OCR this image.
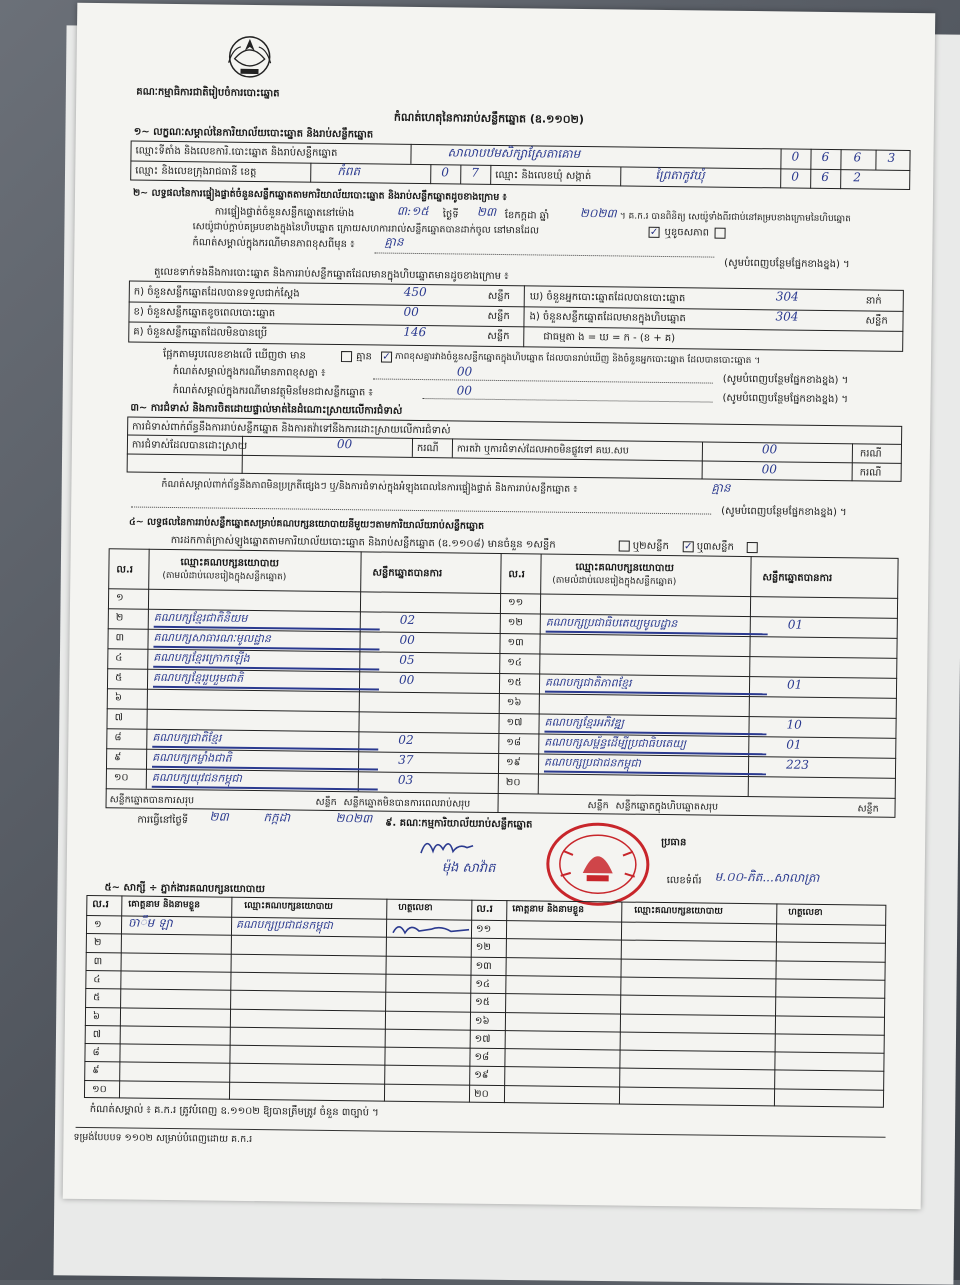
គណៈកម្មាធិការជាតិរៀបចំការបោះឆ្នោត
កំណត់ហេតុនៃការរាប់សន្លឹកឆ្នោត (ឧ.១១០២)
១~ លក្ខណៈសម្គាល់នៃការិយាល័យបោះឆ្នោត និងរាប់សន្លឹកឆ្នោត
ឈ្មោះទីតាំង និងលេខការិ.បោះឆ្នោត និងរាប់សន្លឹកឆ្នោត	សាលាបឋមសិក្សាស្រែតាគោម	0 6 6 3
ឈ្មោះ និងលេខក្រុងរាជធានី ខេត្ត	កំពត	0 7 ឈ្មោះ និងលេខឃុំ សង្កាត់	ព្រៃតាកូវឃុំ	0 6 2
២~ លទ្ធផលនៃការផ្ទៀងផ្ទាត់ចំនួនសន្លឹកឆ្នោតតាមការិយាល័យបោះឆ្នោត និងរាប់សន្លឹកឆ្នោតដូចខាងក្រោម ៖
ការផ្ទៀងផ្ទាត់ចំនួនសន្លឹកឆ្នោតនៅម៉ោង	៣:១៥ ថ្ងៃទី ២៣ ខែកក្កដា ឆ្នាំ	២០២៣ ។ គ.ក.រ បានពិនិត្យ សេយ៉ូទាំងពីរជាប់នៅគម្របខាងក្រោមនៃហិបឆ្នោត
សេយ៉ូជាប់ក្ដាប់គម្របខាងក្នុងនៃហិបឆ្នោត ក្រោយសហការរាល់សន្លឹកឆ្នោតបានដាក់ចូល នៅមានដែល	✓ ឬខូចសភាព
កំណត់សម្គាល់ក្នុងករណីមានភាពខុសពីមុន ៖ គ្មាន
(សូមបំពេញបន្ថែមផ្នែកខាងខ្នង) ។
តួលេខទាក់ទងនឹងការបោះឆ្នោត និងការរាប់សន្លឹកឆ្នោតដែលមានក្នុងហិបឆ្នោតមានដូចខាងក្រោម ៖
ក) ចំនួនសន្លឹកឆ្នោតដែលបានទទួលជាក់ស្ដែង	450	សន្លឹក
ខ) ចំនួនសន្លឹកឆ្នោតខូចពេលបោះឆ្នោត	00	សន្លឹក
គ) ចំនួនសន្លឹកឆ្នោតដែលមិនបានប្រើ	146	សន្លឹក
ឃ) ចំនួនអ្នកបោះឆ្នោតដែលបានបោះឆ្នោត	304	នាក់
ង) ចំនួនសន្លឹកឆ្នោតដែលមានក្នុងហិបឆ្នោត	304	សន្លឹក
ជាធម្មតា ង = ឃ = ក - (ខ + គ)
ផ្អែកតាមរូបលេខខាងលើ ឃើញថា មាន	គ្មាន ✓ ភាពខុសគ្នារវាងចំនួនសន្លឹកឆ្នោតក្នុងហិបឆ្នោត ដែលបានរាប់ឃើញ និងចំនួនអ្នកបោះឆ្នោត ដែលបានបោះឆ្នោត ។
កំណត់សម្គាល់ក្នុងករណីមានភាពខុសគ្នា ៖	00
(សូមបំពេញបន្ថែមផ្នែកខាងខ្នង) ។
កំណត់សម្គាល់ក្នុងករណីមានវត្ថុមិនមែនជាសន្លឹកឆ្នោត ៖	00
(សូមបំពេញបន្ថែមផ្នែកខាងខ្នង) ។
៣~ ការជំទាស់ និងការចិតដោយផ្ទាល់មាត់នៃដំណោះស្រាយលើការជំទាស់
ការជំទាស់ពាក់ព័ន្ធនឹងការរាប់សន្លឹកឆ្នោត និងការតវ៉ាទៅនឹងការដោះស្រាយលើការជំទាស់
ការជំទាស់ដែលបានដោះស្រាយ	00	ករណី ការតវ៉ា ឬការជំទាស់ដែលអាចមិនផ្លូវទៅ គឃ.សប	00	ករណី
00	ករណី
កំណត់សម្គាល់ពាក់ព័ន្ធនឹងភាពមិនប្រក្រតីផ្សេងៗ ឬ/និងការជំទាស់ក្នុងអំឡុងពេលនៃការផ្ទៀងផ្ទាត់ និងការរាប់សន្លឹកឆ្នោត ៖	គ្មាន
(សូមបំពេញបន្ថែមផ្នែកខាងខ្នង) ។
៤~ លទ្ធផលនៃការរាប់សន្លឹកឆ្នោតសម្រាប់គណបក្សនយោបាយនីមួយៗតាមការិយាល័យរាប់សន្លឹកឆ្នោត
ការដកកាត់ក្រាស់ឡូងឆ្នោតតាមការិយាល័យបោះឆ្នោត និងរាប់សន្លឹកឆ្នោត (ឧ.១១០៨) មានចំនួន ១សន្លឹក	ឬ២សន្លឹក ✓ ឬ៣សន្លឹក
ល.រ
ឈ្មោះគណបក្សនយោបាយ
(តាមលំដាប់លេខរៀងក្នុងសន្លឹកឆ្នោត)	សន្លឹកឆ្នោតបានការ	ល.រ
ឈ្មោះគណបក្សនយោបាយ
(តាមលំដាប់លេខរៀងក្នុងសន្លឹកឆ្នោត)	សន្លឹកឆ្នោតបានការ
សន្លឹកឆ្នោតបានការសរុប	សន្លឹក សន្លឹកឆ្នោតមិនបានការពេលរាប់សរុប	សន្លឹក សន្លឹកឆ្នោតក្នុងហិបឆ្នោតសរុប	សន្លឹក
ការធ្វើនៅថ្ងៃទី ២៣	កក្កដា	២០២៣ ៩. គណៈកម្មការិយាល័យរាប់សន្លឹកឆ្នោត
ប្រធាន
ម៉ុង សាវ៉ាត
លេខទំព័រ ម.០០-ភិត...សាលាត្រា
៥~ សាក្សី ÷ ភ្នាក់ងារគណបក្សនយោបាយ
ល.រ គោត្តនាម និងនាមខ្លួន	ឈ្មោះគណបក្សនយោបាយ	ហត្ថលេខា	ល.រ គោត្តនាម និងនាមខ្លួន	ឈ្មោះគណបក្សនយោបាយ	ហត្ថលេខា
កំណត់សម្គាល់ ៖ គ.ក.រ ត្រូវបំពេញ ឧ.១១០២ ឱ្យបានត្រឹមត្រូវ ចំនួន ៣ច្បាប់ ។
ទម្រង់បែបបទ ១១០២ សម្រាប់បំពេញដោយ គ.ក.រ
១
២	គណបក្សខ្មែរជាតិនិយម	02
៣	គណបក្សសាធារណៈមូលដ្ឋាន	00
៤	គណបក្សខ្មែរក្រោកឡើង	05
៥	គណបក្សខ្មែររួបរួមជាតិ	00
៦
៧
៨	គណបក្សជាតិខ្មែរ	02
៩	គណបក្សកម្លាំងជាតិ	37
១០ គណបក្សយុវជនកម្ពុជា	03
១១
១២ គណបក្សប្រជាធិបតេយ្យមូលដ្ឋាន	01
១៣
១៤
១៥ គណបក្សជាតិភាពខ្មែរ	01
១៦
១៧ គណបក្សខ្មែរអភិវឌ្ឍ	10
១៨ គណបក្សសម្ព័ន្ធដើម្បីប្រជាធិបតេយ្យ	01
១៩ គណបក្សប្រជាជនកម្ពុជា	223
២០
១ ចាឹម ឡា	គណបក្សប្រជាជនកម្ពុជា
២
៣
៤
៥
៦
៧
៨
៩
១០
១១
១២
១៣
១៤
១៥
១៦
១៧
១៨
១៩
២០
